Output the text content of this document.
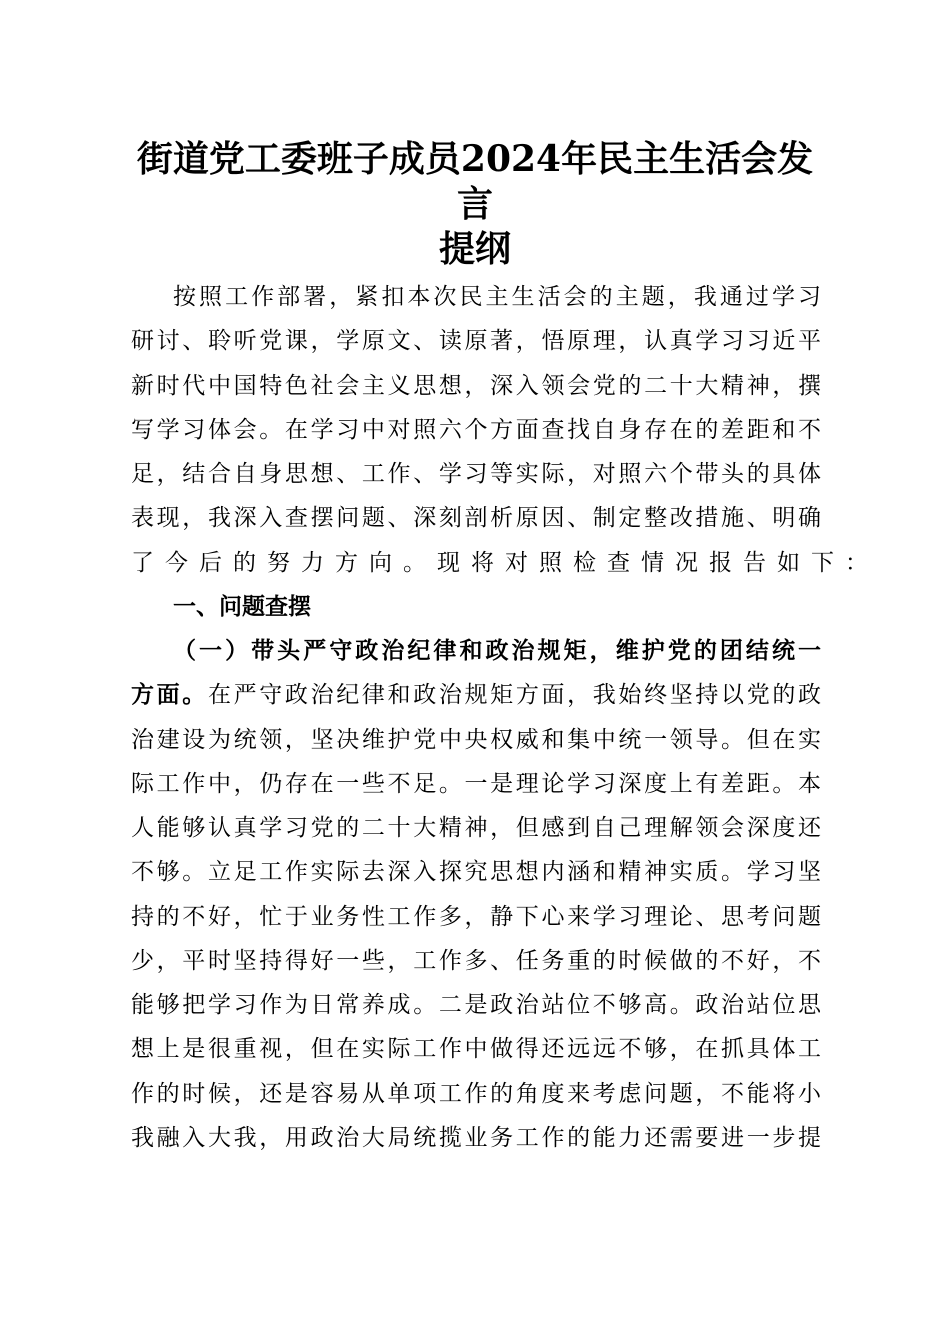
街道党工委班子成员2024年民主生活会发言
提纲
按照工作部署，紧扣本次民主生活会的主题，我通过学习
研讨、聆听党课，学原文、读原著，悟原理，认真学习习近平
新时代中国特色社会主义思想，深入领会党的二十大精神，撰
写学习体会。在学习中对照六个方面查找自身存在的差距和不
足，结合自身思想、工作、学习等实际，对照六个带头的具体
表现，我深入查摆问题、深刻剖析原因、制定整改措施、明确
了今后的努力方向。现将对照检查情况报告如下：
一、问题查摆
（一）带头严守政治纪律和政治规矩，维护党的团结统一
方面。在严守政治纪律和政治规矩方面，我始终坚持以党的政
治建设为统领，坚决维护党中央权威和集中统一领导。但在实
际工作中，仍存在一些不足。一是理论学习深度上有差距。本
人能够认真学习党的二十大精神，但感到自己理解领会深度还
不够。立足工作实际去深入探究思想内涵和精神实质。学习坚
持的不好，忙于业务性工作多，静下心来学习理论、思考问题
少，平时坚持得好一些，工作多、任务重的时候做的不好，不
能够把学习作为日常养成。二是政治站位不够高。政治站位思
想上是很重视，但在实际工作中做得还远远不够，在抓具体工
作的时候，还是容易从单项工作的角度来考虑问题，不能将小
我融入大我，用政治大局统揽业务工作的能力还需要进一步提
